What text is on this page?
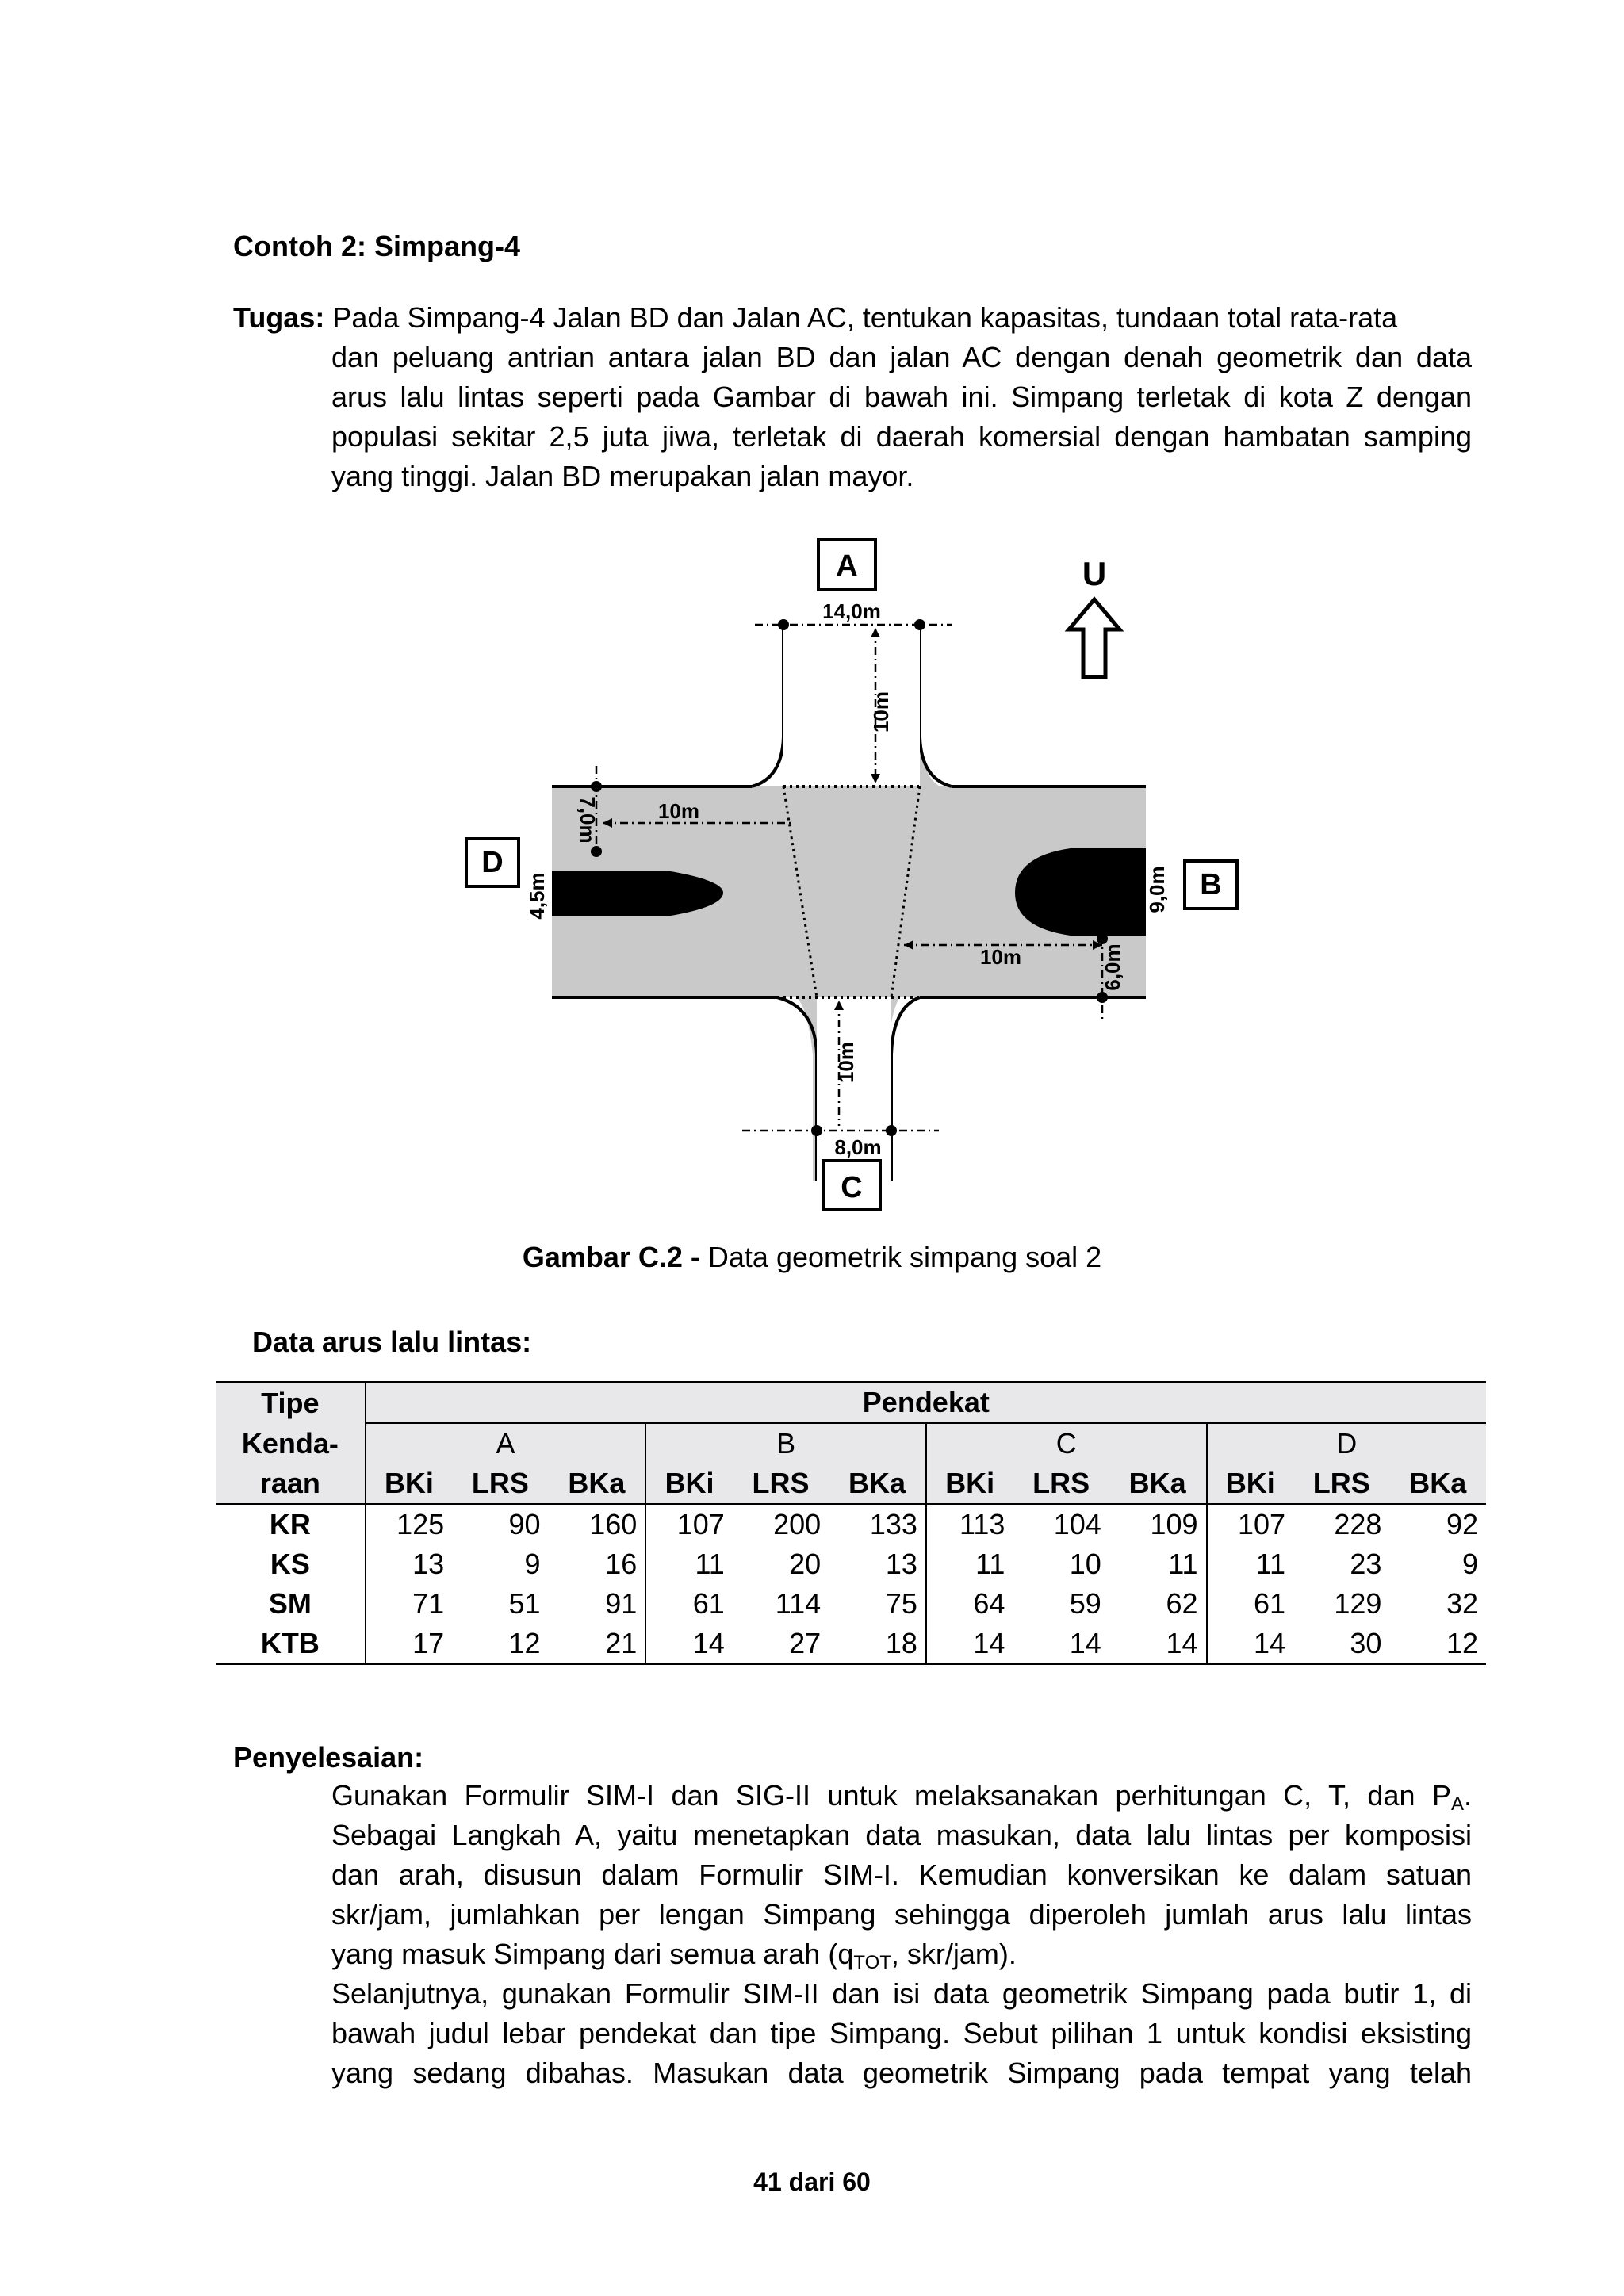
Contoh 2: Simpang-4
Tugas: Pada Simpang-4 Jalan BD dan Jalan AC, tentukan kapasitas, tundaan total rata-rata
dan peluang antrian antara jalan BD dan jalan AC dengan denah geometrik dan data
arus lalu lintas seperti pada Gambar di bawah ini. Simpang terletak di kota Z dengan
populasi sekitar 2,5 juta jiwa, terletak di daerah komersial dengan hambatan samping
yang tinggi. Jalan BD merupakan jalan mayor.
14,0m
10m
7,0m	10m
4,5m	9,0m
10m	6,0m
10m
8,0m
A
D
B
C
U
Gambar C.2 - Data geometrik simpang soal 2
Data arus lalu lintas:
Tipe	Pendekat											
Kenda-	A			B			C			D		
raan	BKi	LRS	BKa	BKi	LRS	BKa	BKi	LRS	BKa	BKi	LRS	BKa
KR	125	90	160	107	200	133	113	104	109	107	228	92
KS	13	9	16	11	20	13	11	10	11	11	23	9
SM	71	51	91	61	114	75	64	59	62	61	129	32
KTB	17	12	21	14	27	18	14	14	14	14	30	12
Penyelesaian:
Gunakan Formulir SIM-I dan SIG-II untuk melaksanakan perhitungan C, T, dan $P_A$.
Sebagai Langkah A, yaitu menetapkan data masukan, data lalu lintas per komposisi
dan arah, disusun dalam Formulir SIM-I. Kemudian konversikan ke dalam satuan
skr/jam, jumlahkan per lengan Simpang sehingga diperoleh jumlah arus lalu lintas
yang masuk Simpang dari semua arah ($q_{TOT}$, skr/jam).
Selanjutnya, gunakan Formulir SIM-II dan isi data geometrik Simpang pada butir 1, di
bawah judul lebar pendekat dan tipe Simpang. Sebut pilihan 1 untuk kondisi eksisting
yang sedang dibahas. Masukan data geometrik Simpang pada tempat yang telah
41 dari 60
